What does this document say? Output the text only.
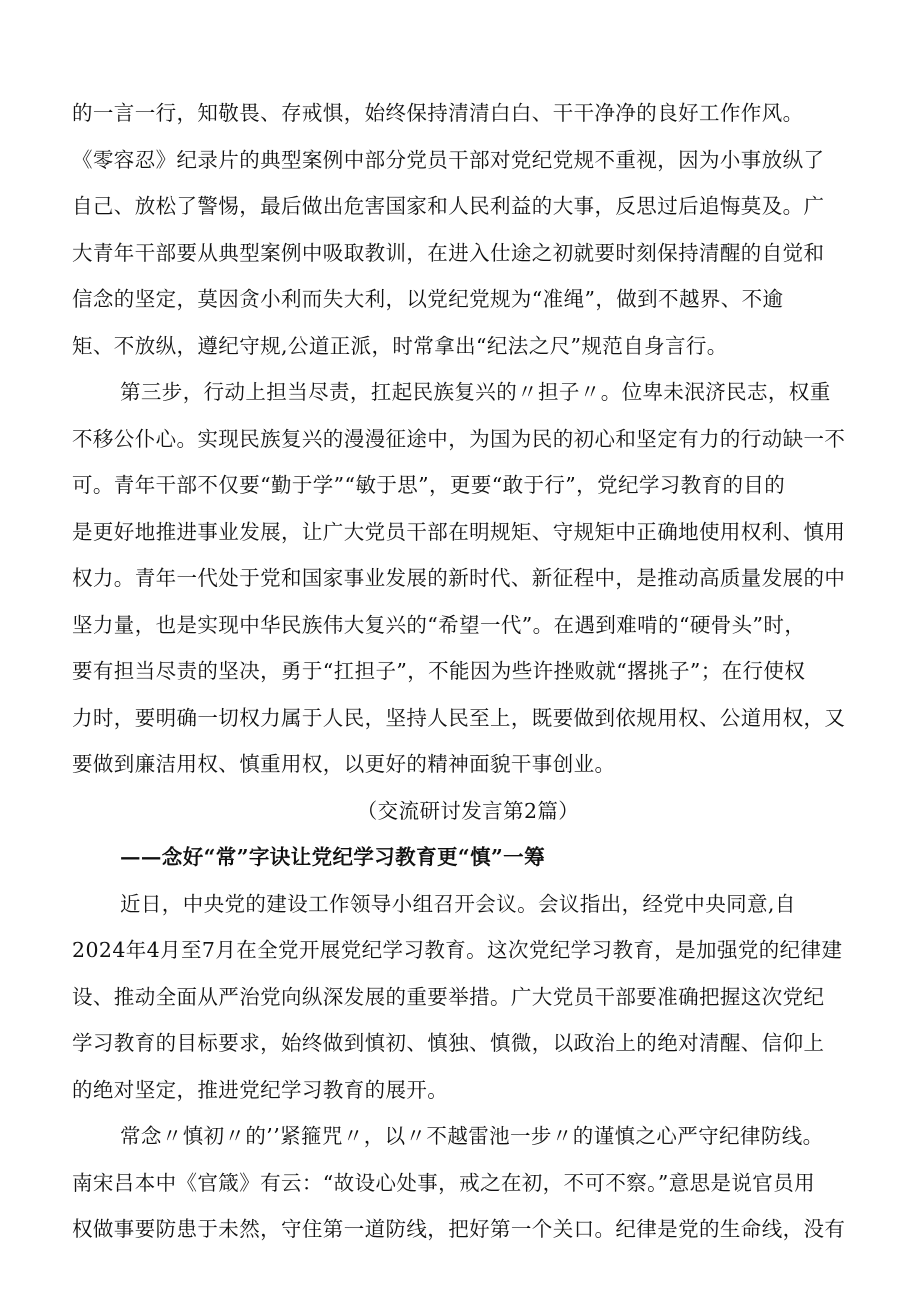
的一言一行，知敬畏、存戒惧，始终保持清清白白、干干净净的良好工作作风。
《零容忍》纪录片的典型案例中部分党员干部对党纪党规不重视，因为小事放纵了
自己、放松了警惕，最后做出危害国家和人民利益的大事，反思过后追悔莫及。广
大青年干部要从典型案例中吸取教训，在进入仕途之初就要时刻保持清醒的自觉和
信念的坚定，莫因贪小利而失大利，以党纪党规为“准绳”，做到不越界、不逾
矩、不放纵，遵纪守规,公道正派，时常拿出“纪法之尺”规范自身言行。
第三步，行动上担当尽责，扛起民族复兴的〃担子〃。位卑未泯济民志，权重
不移公仆心。实现民族复兴的漫漫征途中，为国为民的初心和坚定有力的行动缺一不
可。青年干部不仅要“勤于学”“敏于思”，更要“敢于行”，党纪学习教育的目的
是更好地推进事业发展，让广大党员干部在明规矩、守规矩中正确地使用权利、慎用
权力。青年一代处于党和国家事业发展的新时代、新征程中，是推动高质量发展的中
坚力量，也是实现中华民族伟大复兴的“希望一代”。在遇到难啃的“硬骨头”时，
要有担当尽责的坚决，勇于“扛担子”，不能因为些许挫败就“撂挑子”；在行使权
力时，要明确一切权力属于人民，坚持人民至上，既要做到依规用权、公道用权，又
要做到廉洁用权、慎重用权，以更好的精神面貌干事创业。
（交流研讨发言第2篇）
——念好“常”字诀让党纪学习教育更“慎”一筹
近日，中央党的建设工作领导小组召开会议。会议指出，经党中央同意,自
2024年4月至7月在全党开展党纪学习教育。这次党纪学习教育，是加强党的纪律建
设、推动全面从严治党向纵深发展的重要举措。广大党员干部要准确把握这次党纪
学习教育的目标要求，始终做到慎初、慎独、慎微，以政治上的绝对清醒、信仰上
的绝对坚定，推进党纪学习教育的展开。
常念〃慎初〃的’’紧箍咒〃，以〃不越雷池一步〃的谨慎之心严守纪律防线。
南宋吕本中《官箴》有云：“故设心处事，戒之在初，不可不察。”意思是说官员用
权做事要防患于未然，守住第一道防线，把好第一个关口。纪律是党的生命线，没有
